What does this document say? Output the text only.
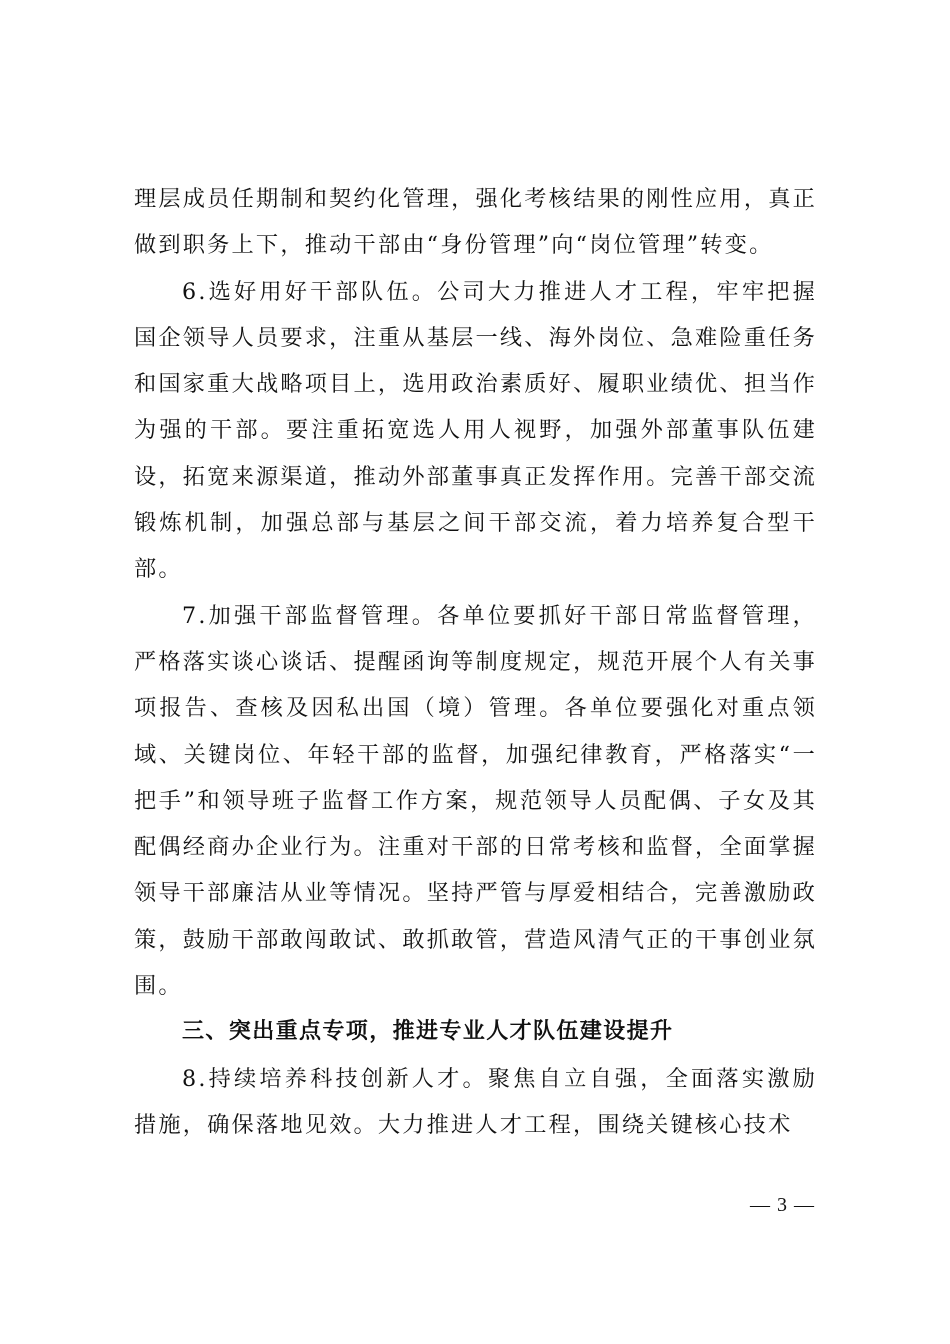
理层成员任期制和契约化管理，强化考核结果的刚性应用，真正做到职务上下，推动干部由“身份管理”向“岗位管理”转变。

6.选好用好干部队伍。公司大力推进人才工程，牢牢把握国企领导人员要求，注重从基层一线、海外岗位、急难险重任务和国家重大战略项目上，选用政治素质好、履职业绩优、担当作为强的干部。要注重拓宽选人用人视野，加强外部董事队伍建设，拓宽来源渠道，推动外部董事真正发挥作用。完善干部交流锻炼机制，加强总部与基层之间干部交流，着力培养复合型干部。

7.加强干部监督管理。各单位要抓好干部日常监督管理，严格落实谈心谈话、提醒函询等制度规定，规范开展个人有关事项报告、查核及因私出国（境）管理。各单位要强化对重点领域、关键岗位、年轻干部的监督，加强纪律教育，严格落实“一把手”和领导班子监督工作方案，规范领导人员配偶、子女及其配偶经商办企业行为。注重对干部的日常考核和监督，全面掌握领导干部廉洁从业等情况。坚持严管与厚爱相结合，完善激励政策，鼓励干部敢闯敢试、敢抓敢管，营造风清气正的干事创业氛围。

三、突出重点专项，推进专业人才队伍建设提升

8.持续培养科技创新人才。聚焦自立自强，全面落实激励措施，确保落地见效。大力推进人才工程，围绕关键核心技术

— 3 —
